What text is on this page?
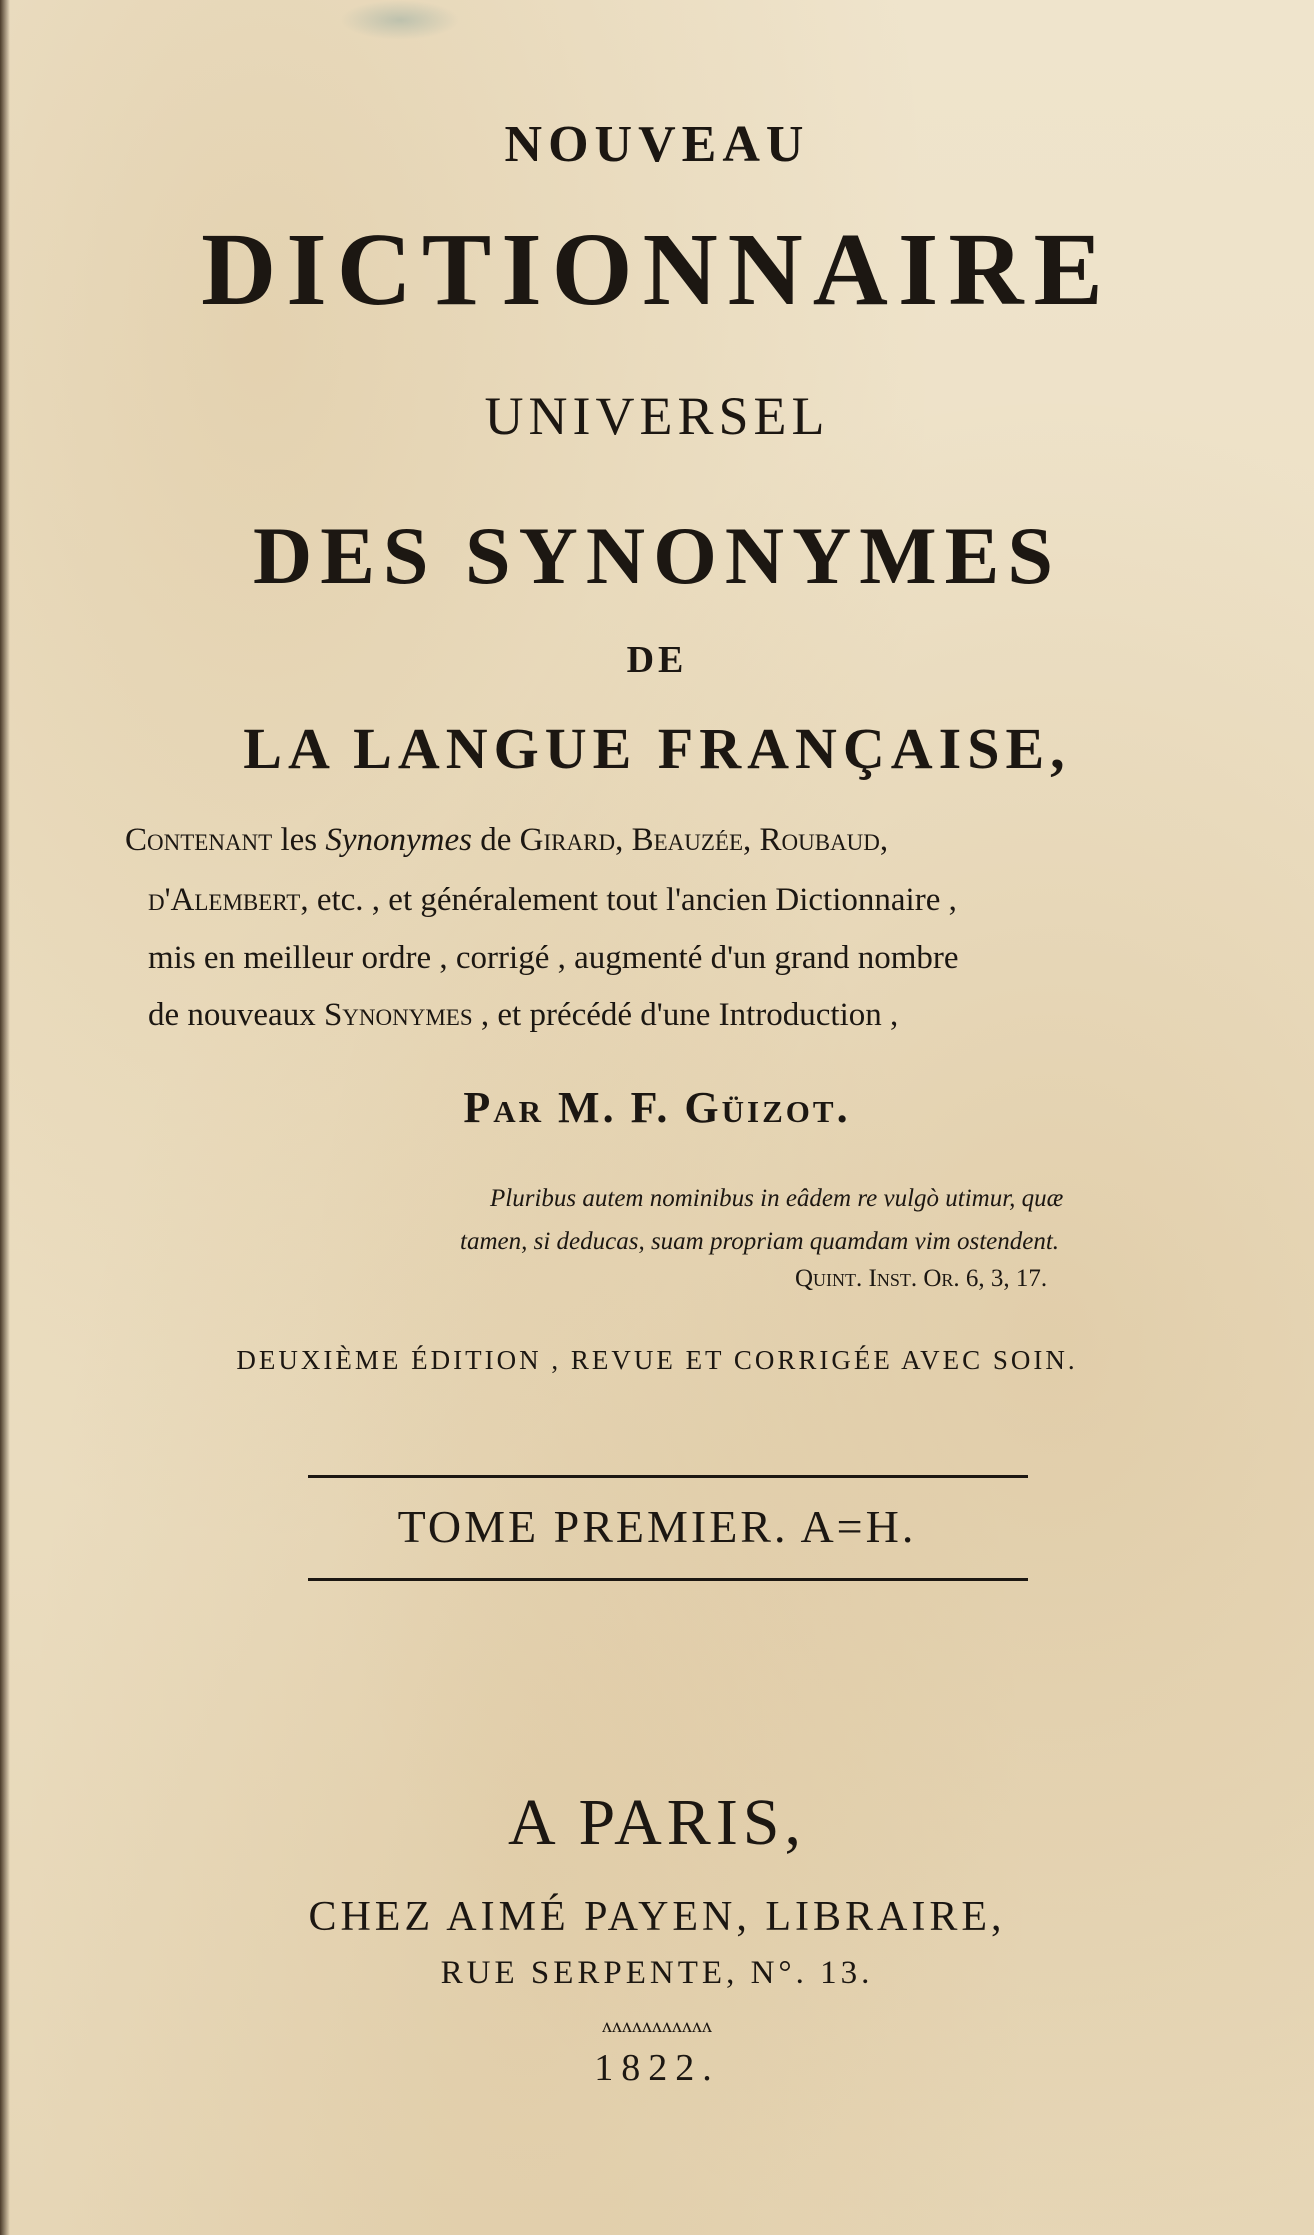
NOUVEAU
DICTIONNAIRE
UNIVERSEL
DES SYNONYMES
DE
LA LANGUE FRANÇAISE,
Contenant les Synonymes de Girard, Beauzée, Roubaud,
d'Alembert, etc. , et généralement tout l'ancien Dictionnaire ,
mis en meilleur ordre , corrigé , augmenté d'un grand nombre
de nouveaux Synonymes , et précédé d'une Introduction ,
Par M. F. Güizot.
Pluribus autem nominibus in eâdem re vulgò utimur, quæ
tamen, si deducas, suam propriam quamdam vim ostendent.
Quint. Inst. Or. 6, 3, 17.
DEUXIÈME ÉDITION , REVUE ET CORRIGÉE AVEC SOIN.
TOME PREMIER. A=H.
A PARIS,
CHEZ AIMÉ PAYEN, LIBRAIRE,
RUE SERPENTE, N°. 13.
ʌʌʌʌʌʌʌʌʌʌʌ
1822.
